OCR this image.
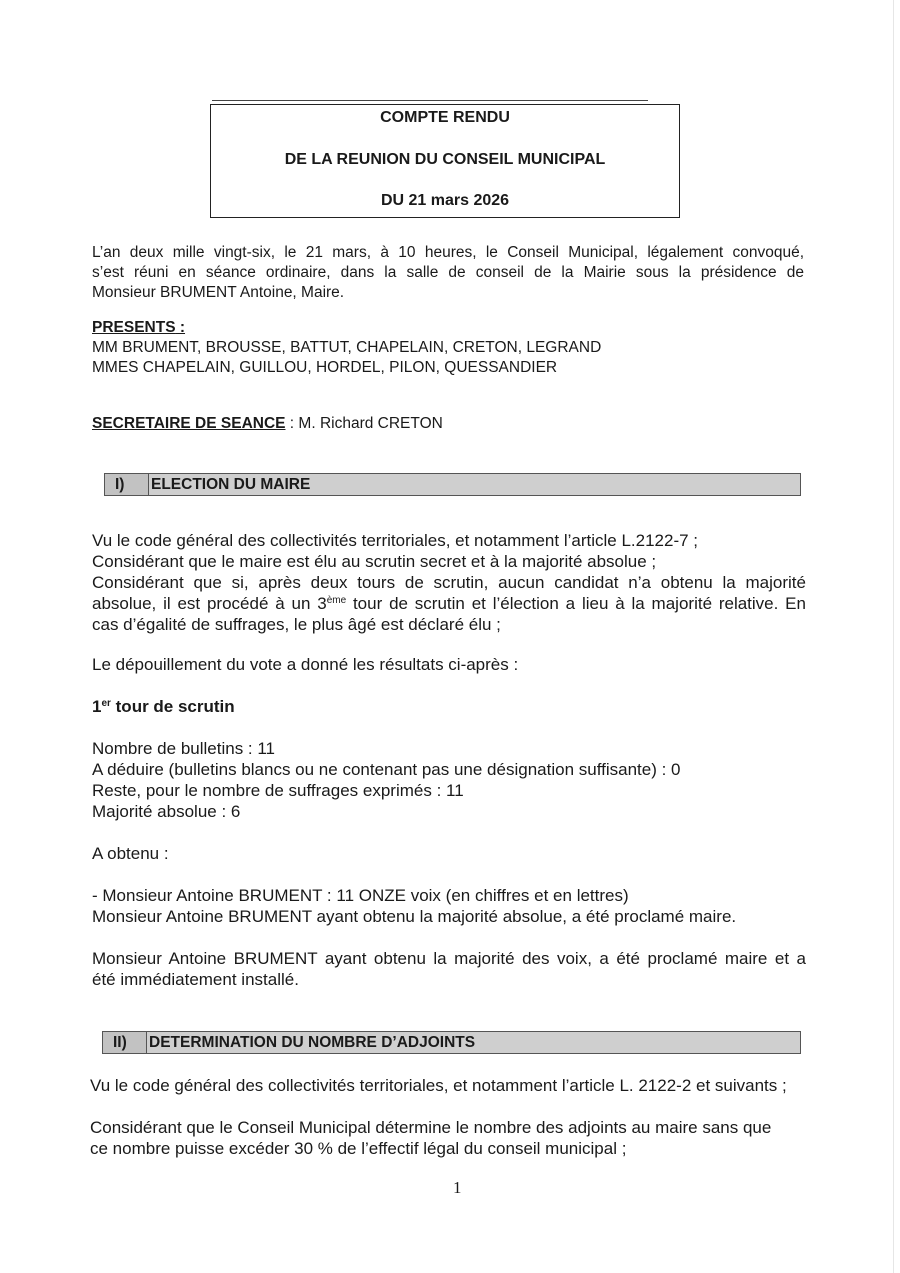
COMPTE RENDU
DE LA REUNION DU CONSEIL MUNICIPAL
DU 21 mars 2026
L’an deux mille vingt-six, le 21 mars, à 10 heures, le Conseil Municipal, légalement convoqué,
s’est réuni en séance ordinaire, dans la salle de conseil de la Mairie sous la présidence de
Monsieur BRUMENT Antoine, Maire.
PRESENTS :
MM BRUMENT, BROUSSE, BATTUT, CHAPELAIN, CRETON, LEGRAND
MMES CHAPELAIN, GUILLOU, HORDEL, PILON, QUESSANDIER
SECRETAIRE DE SEANCE : M. Richard CRETON
I)	ELECTION DU MAIRE
Vu le code général des collectivités territoriales, et notamment l’article L.2122-7 ;
Considérant que le maire est élu au scrutin secret et à la majorité absolue ;
Considérant que si, après deux tours de scrutin, aucun candidat n’a obtenu la majorité
absolue, il est procédé à un 3ème tour de scrutin et l’élection a lieu à la majorité relative. En
cas d’égalité de suffrages, le plus âgé est déclaré élu ;
Le dépouillement du vote a donné les résultats ci-après :
1er tour de scrutin
Nombre de bulletins : 11
A déduire (bulletins blancs ou ne contenant pas une désignation suffisante) : 0
Reste, pour le nombre de suffrages exprimés : 11
Majorité absolue : 6
A obtenu :
- Monsieur Antoine BRUMENT : 11 ONZE voix (en chiffres et en lettres)
Monsieur Antoine BRUMENT ayant obtenu la majorité absolue, a été proclamé maire.
Monsieur Antoine BRUMENT ayant obtenu la majorité des voix, a été proclamé maire et a
été immédiatement installé.
II)	DETERMINATION DU NOMBRE D’ADJOINTS
Vu le code général des collectivités territoriales, et notamment l’article L. 2122-2 et suivants ;
Considérant que le Conseil Municipal détermine le nombre des adjoints au maire sans que
ce nombre puisse excéder 30 % de l’effectif légal du conseil municipal ;
1
